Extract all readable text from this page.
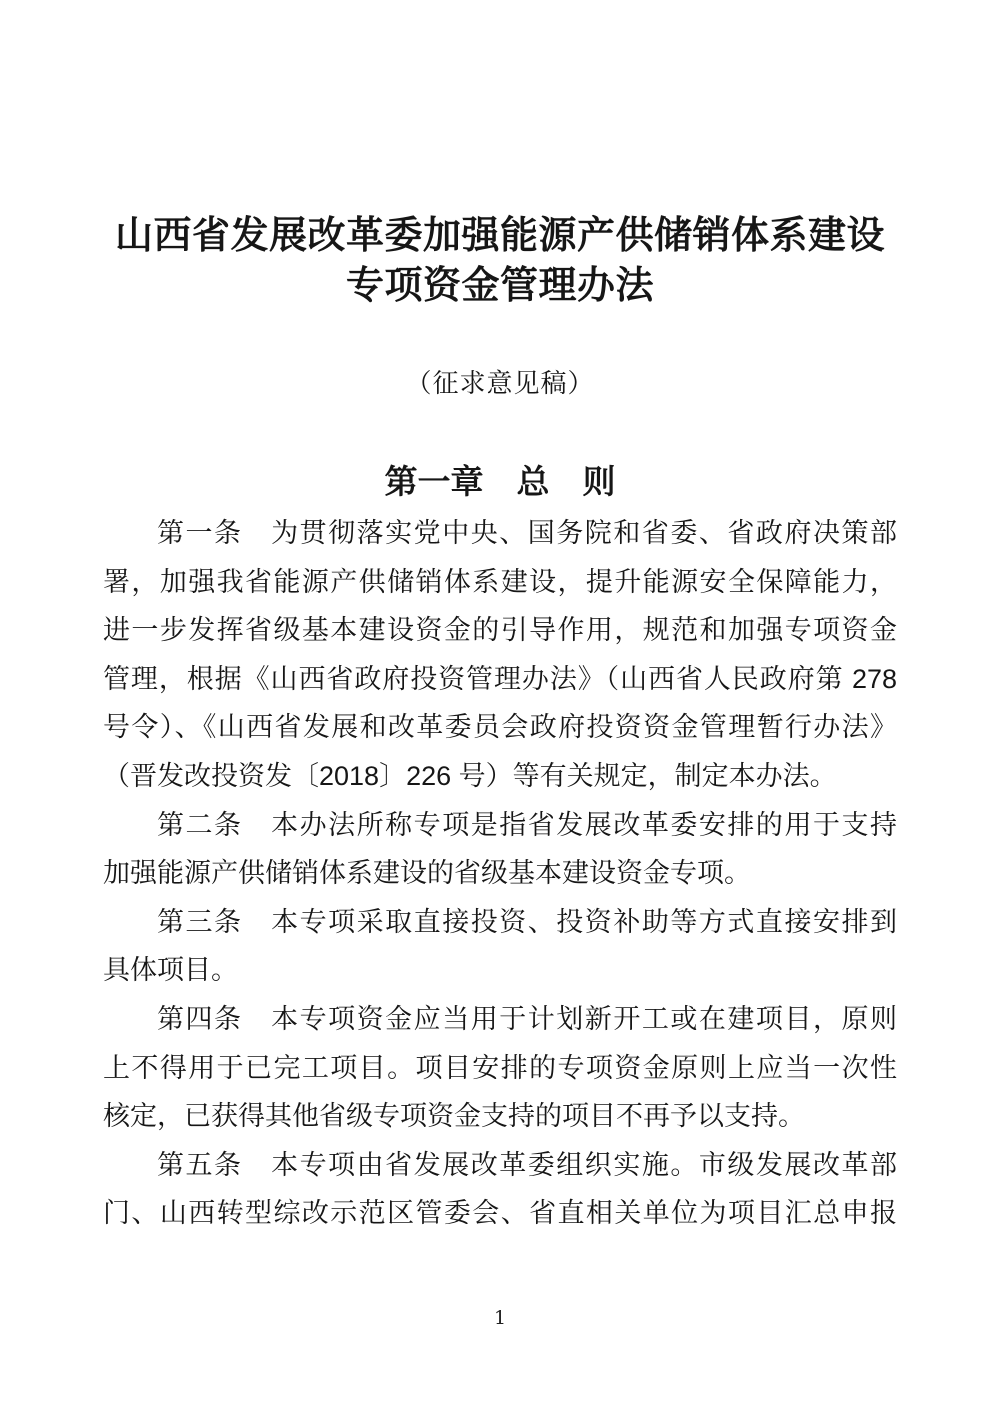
山西省发展改革委加强能源产供储销体系建设
专项资金管理办法
（征求意见稿）
第一章　总　则
第一条　为贯彻落实党中央、国务院和省委、省政府决策部
署，加强我省能源产供储销体系建设，提升能源安全保障能力，
进一步发挥省级基本建设资金的引导作用，规范和加强专项资金
管理，根据《山西省政府投资管理办法》（山西省人民政府第 278
号令）、《山西省发展和改革委员会政府投资资金管理暂行办法》
（晋发改投资发〔2018〕226 号）等有关规定，制定本办法。
第二条　本办法所称专项是指省发展改革委安排的用于支持
加强能源产供储销体系建设的省级基本建设资金专项。
第三条　本专项采取直接投资、投资补助等方式直接安排到
具体项目。
第四条　本专项资金应当用于计划新开工或在建项目，原则
上不得用于已完工项目。项目安排的专项资金原则上应当一次性
核定，已获得其他省级专项资金支持的项目不再予以支持。
第五条　本专项由省发展改革委组织实施。市级发展改革部
门、山西转型综改示范区管委会、省直相关单位为项目汇总申报
1
